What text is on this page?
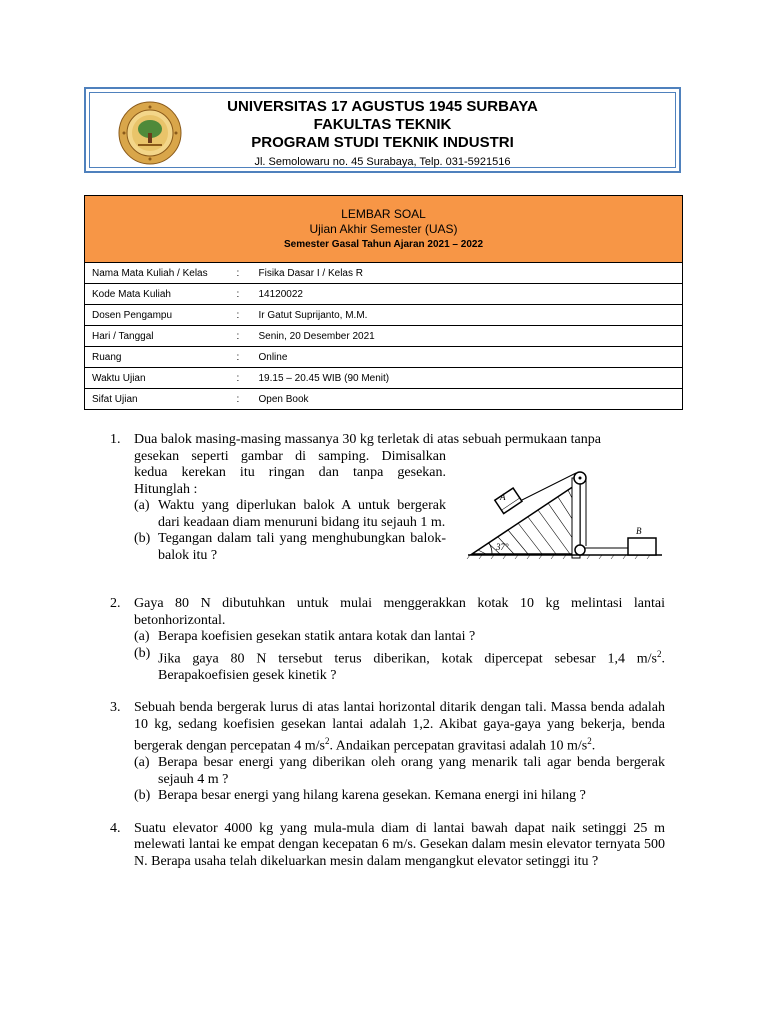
UNIVERSITAS 17 AGUSTUS 1945 SURBAYA
FAKULTAS TEKNIK
PROGRAM STUDI TEKNIK INDUSTRI
Jl. Semolowaru no. 45 Surabaya, Telp. 031-5921516
LEMBAR SOAL
Ujian Akhir Semester (UAS)
Semester Gasal Tahun Ajaran 2021 – 2022		

Nama Mata Kuliah / Kelas	:	Fisika Dasar I / Kelas R
Kode Mata Kuliah	:	14120022
Dosen Pengampu	:	Ir Gatut Suprijanto, M.M.
Hari / Tanggal	:	Senin, 20 Desember 2021
Ruang	:	Online
Waktu Ujian	:	19.15 – 20.45 WIB (90 Menit)
Sifat Ujian	:	Open Book
1. Dua balok masing-masing massanya 30 kg terletak di atas sebuah permukaan tanpa
gesekan seperti gambar di samping. Dimisalkan
kedua kerekan itu ringan dan tanpa gesekan.
Hitunglah :
(a) Waktu yang diperlukan balok A untuk bergerak dari keadaan diam menuruni bidang itu sejauh 1 m.
(b) Tegangan dalam tali yang menghubungkan balok-balok itu ?
2. Gaya 80 N dibutuhkan untuk mulai menggerakkan kotak 10 kg melintasi lantai betonhorizontal.
(a) Berapa koefisien gesekan statik antara kotak dan lantai ?
(b) Jika gaya 80 N tersebut terus diberikan, kotak dipercepat sebesar 1,4 $m/s^2$. Berapakoefisien gesek kinetik ?
3. Sebuah benda bergerak lurus di atas lantai horizontal ditarik dengan tali. Massa benda adalah 10 kg, sedang koefisien gesekan lantai adalah 1,2. Akibat gaya-gaya yang bekerja, benda bergerak dengan percepatan 4 $m/s^2$. Andaikan percepatan gravitasi adalah 10 $m/s^2$.
(a) Berapa besar energi yang diberikan oleh orang yang menarik tali agar benda bergerak sejauh 4 m ?
(b) Berapa besar energi yang hilang karena gesekan. Kemana energi ini hilang ?
4. Suatu elevator 4000 kg yang mula-mula diam di lantai bawah dapat naik setinggi 25 m melewati lantai ke empat dengan kecepatan 6 m/s. Gesekan dalam mesin elevator ternyata 500 N. Berapa usaha telah dikeluarkan mesin dalam mengangkut elevator setinggi itu ?
A
B
37°
